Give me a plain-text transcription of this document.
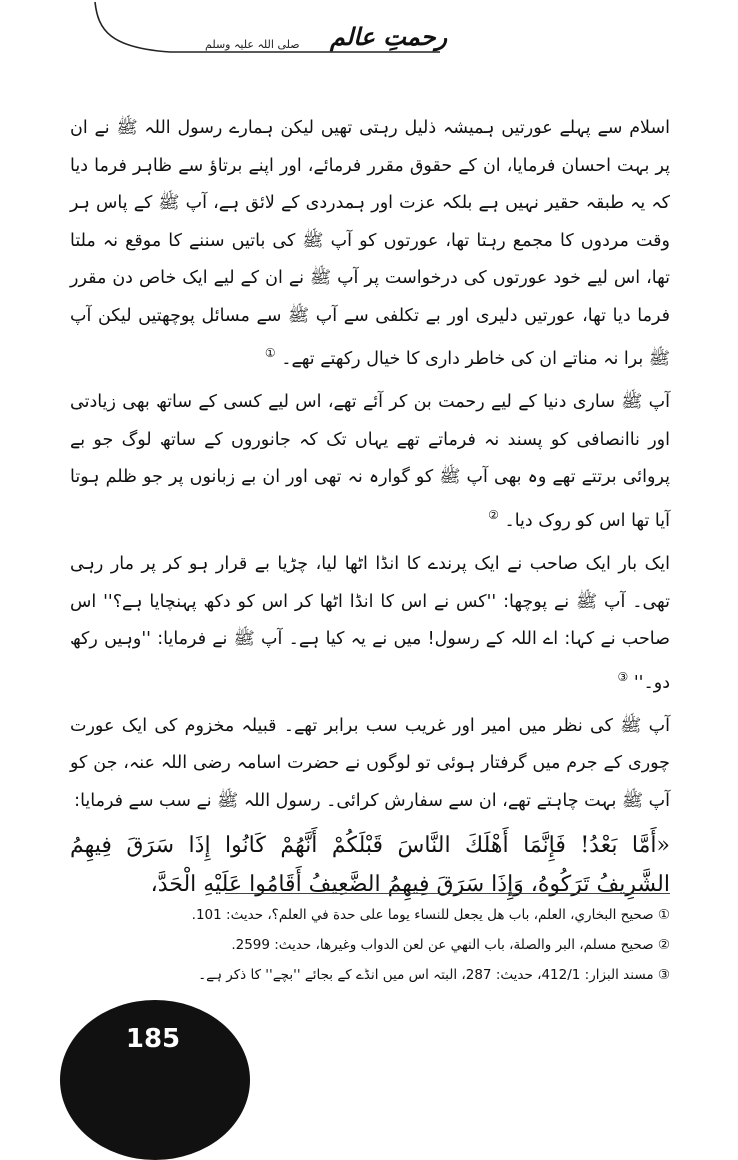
رحمتِ عالم
صلی اللہ علیہ وسلم

اسلام سے پہلے عورتیں ہمیشہ ذلیل رہتی تھیں لیکن ہمارے رسول اللہ ﷺ نے ان پر بہت احسان فرمایا، ان کے حقوق مقرر فرمائے، اور اپنے برتاؤ سے ظاہر فرما دیا کہ یہ طبقہ حقیر نہیں ہے بلکہ عزت اور ہمدردی کے لائق ہے، آپ ﷺ کے پاس ہر وقت مردوں کا مجمع رہتا تھا، عورتوں کو آپ ﷺ کی باتیں سننے کا موقع نہ ملتا تھا، اس لیے خود عورتوں کی درخواست پر آپ ﷺ نے ان کے لیے ایک خاص دن مقرر فرما دیا تھا، عورتیں دلیری اور بے تکلفی سے آپ ﷺ سے مسائل پوچھتیں لیکن آپ ﷺ برا نہ مناتے ان کی خاطر داری کا خیال رکھتے تھے۔ ①

آپ ﷺ ساری دنیا کے لیے رحمت بن کر آئے تھے، اس لیے کسی کے ساتھ بھی زیادتی اور ناانصافی کو پسند نہ فرماتے تھے یہاں تک کہ جانوروں کے ساتھ لوگ جو بے پروائی برتتے تھے وہ بھی آپ ﷺ کو گوارہ نہ تھی اور ان بے زبانوں پر جو ظلم ہوتا آیا تھا اس کو روک دیا۔ ②

ایک بار ایک صاحب نے ایک پرندے کا انڈا اٹھا لیا، چڑیا بے قرار ہو کر پر مار رہی تھی۔ آپ ﷺ نے پوچھا: ''کس نے اس کا انڈا اٹھا کر اس کو دکھ پہنچایا ہے؟'' اس صاحب نے کہا: اے اللہ کے رسول! میں نے یہ کیا ہے۔ آپ ﷺ نے فرمایا: ''وہیں رکھ دو۔'' ③

آپ ﷺ کی نظر میں امیر اور غریب سب برابر تھے۔ قبیلہ مخزوم کی ایک عورت چوری کے جرم میں گرفتار ہوئی تو لوگوں نے حضرت اسامہ رضی اللہ عنہ، جن کو آپ ﷺ بہت چاہتے تھے، ان سے سفارش کرائی۔ رسول اللہ ﷺ نے سب سے فرمایا:

«أَمَّا بَعْدُ! فَإِنَّمَا أَهْلَكَ النَّاسَ قَبْلَكُمْ أَنَّهُمْ كَانُوا إِذَا سَرَقَ فِيهِمُ الشَّرِيفُ تَرَكُوهُ، وَإِذَا سَرَقَ فِيهِمُ الضَّعِيفُ أَقَامُوا عَلَيْهِ الْحَدَّ،

① صحيح البخاري، العلم، باب هل يجعل للنساء يوما على حدة في العلم؟، حديث: 101.

② صحيح مسلم، البر والصلة، باب النهي عن لعن الدواب وغيرها، حديث: 2599.

③ مسند البزار: 412/1، حدیث: 287، البتہ اس میں انڈے کے بجائے ''بچے'' کا ذکر ہے۔

185
